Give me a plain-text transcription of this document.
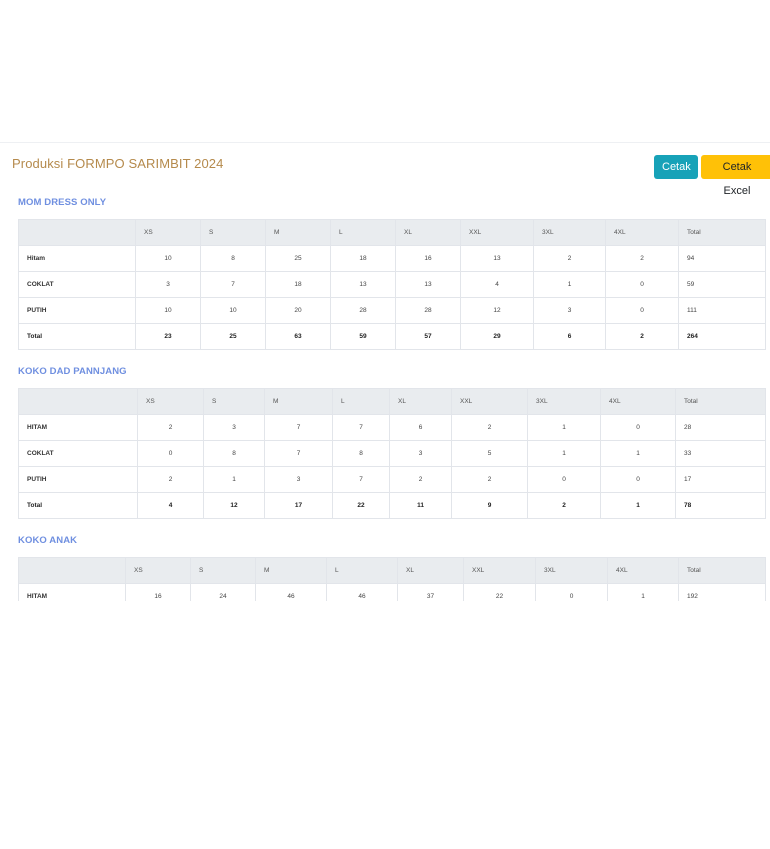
Produksi FORMPO SARIMBIT 2024	Cetak	Cetak Excel
MOM DRESS ONLY
	XS	S	M	L	XL	XXL	3XL	4XL	Total
Hitam	10	8	25	18	16	13	2	2	94
COKLAT	3	7	18	13	13	4	1	0	59
PUTIH	10	10	20	28	28	12	3	0	111
Total	23	25	63	59	57	29	6	2	264
KOKO DAD PANNJANG
	XS	S	M	L	XL	XXL	3XL	4XL	Total
HITAM	2	3	7	7	6	2	1	0	28
COKLAT	0	8	7	8	3	5	1	1	33
PUTIH	2	1	3	7	2	2	0	0	17
Total	4	12	17	22	11	9	2	1	78
KOKO ANAK
	XS	S	M	L	XL	XXL	3XL	4XL	Total
HITAM	16	24	46	46	37	22	0	1	192
